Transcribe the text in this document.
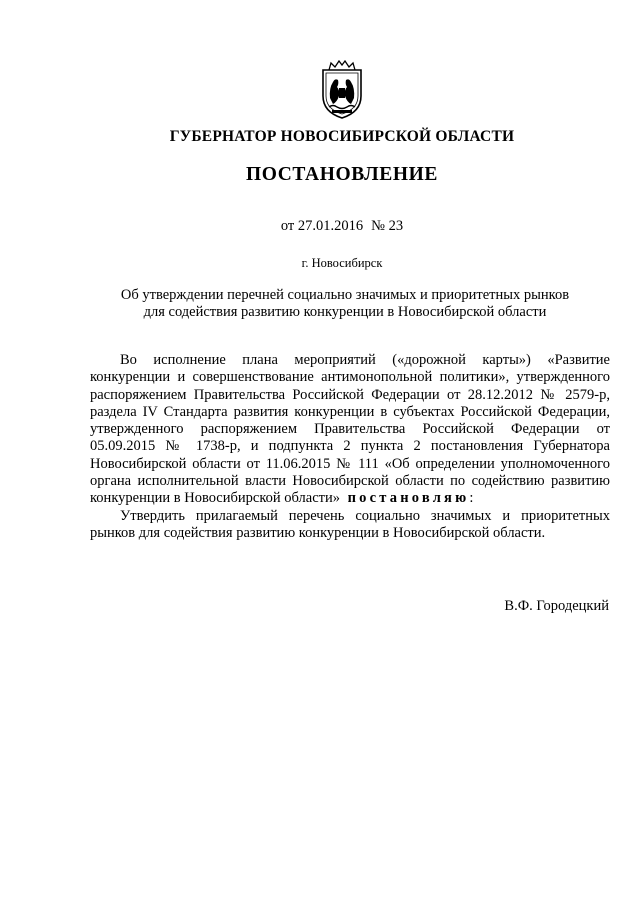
ГУБЕРНАТОР НОВОСИБИРСКОЙ ОБЛАСТИ
ПОСТАНОВЛЕНИЕ
от 27.01.2016 № 23
г. Новосибирск
Об утверждении перечней социально значимых и приоритетных рынков
для содействия развитию конкуренции в Новосибирской области

Во исполнение плана мероприятий («дорожной карты») «Развитие конкуренции и совершенствование антимонопольной политики», утвержденного распоряжением Правительства Российской Федерации от 28.12.2012 № 2579-р, раздела IV Стандарта развития конкуренции в субъектах Российской Федерации, утвержденного распоряжением Правительства Российской Федерации от 05.09.2015 № 1738-р, и подпункта 2 пункта 2 постановления Губернатора Новосибирской области от 11.06.2015 № 111 «Об определении уполномоченного органа исполнительной власти Новосибирской области по содействию развитию конкуренции в Новосибирской области» постановляю:

Утвердить прилагаемый перечень социально значимых и приоритетных рынков для содействия развитию конкуренции в Новосибирской области.

В.Ф. Городецкий
